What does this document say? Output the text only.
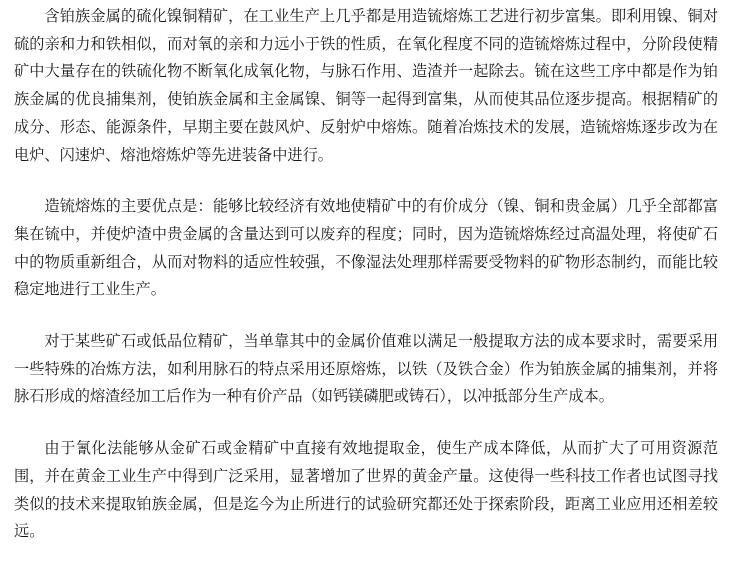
含铂族金属的硫化镍铜精矿，在工业生产上几乎都是用造锍熔炼工艺进行初步富集。即利用镍、铜对硫的亲和力和铁相似，而对氧的亲和力远小于铁的性质，在氧化程度不同的造锍熔炼过程中，分阶段使精矿中大量存在的铁硫化物不断氧化成氧化物，与脉石作用、造渣并一起除去。锍在这些工序中都是作为铂族金属的优良捕集剂，使铂族金属和主金属镍、铜等一起得到富集，从而使其品位逐步提高。根据精矿的成分、形态、能源条件，早期主要在鼓风炉、反射炉中熔炼。随着冶炼技术的发展，造锍熔炼逐步改为在电炉、闪速炉、熔池熔炼炉等先进装备中进行。

造锍熔炼的主要优点是：能够比较经济有效地使精矿中的有价成分（镍、铜和贵金属）几乎全部都富集在锍中，并使炉渣中贵金属的含量达到可以废弃的程度；同时，因为造锍熔炼经过高温处理，将使矿石中的物质重新组合，从而对物料的适应性较强，不像湿法处理那样需要受物料的矿物形态制约，而能比较稳定地进行工业生产。

对于某些矿石或低品位精矿，当单靠其中的金属价值难以满足一般提取方法的成本要求时，需要采用一些特殊的冶炼方法，如利用脉石的特点采用还原熔炼，以铁（及铁合金）作为铂族金属的捕集剂，并将脉石形成的熔渣经加工后作为一种有价产品（如钙镁磷肥或铸石），以冲抵部分生产成本。

由于氰化法能够从金矿石或金精矿中直接有效地提取金，使生产成本降低，从而扩大了可用资源范围，并在黄金工业生产中得到广泛采用，显著增加了世界的黄金产量。这使得一些科技工作者也试图寻找类似的技术来提取铂族金属，但是迄今为止所进行的试验研究都还处于探索阶段，距离工业应用还相差较远。
